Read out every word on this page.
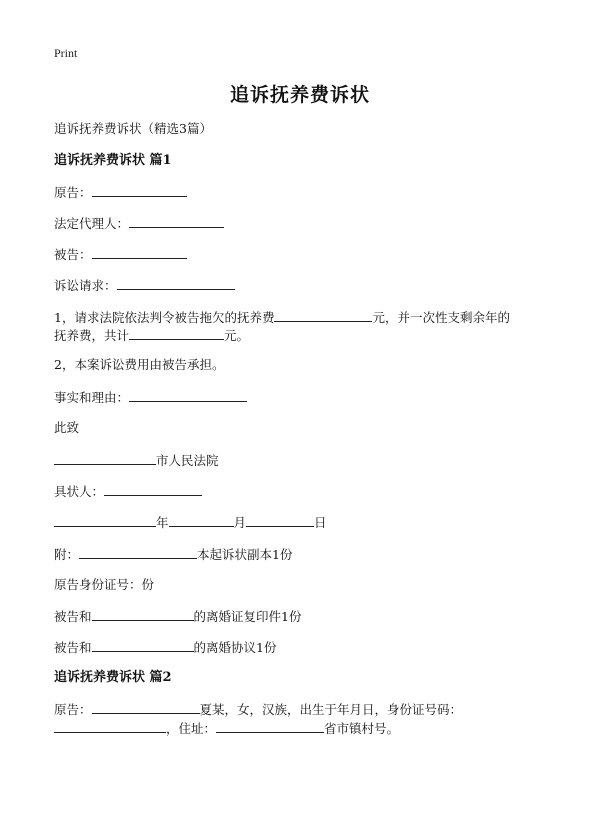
Print
追诉抚养费诉状
追诉抚养费诉状（精选3篇）
追诉抚养费诉状 篇1
原告：
法定代理人：
被告：
诉讼请求：
1，请求法院依法判令被告拖欠的抚养费	元，并一次性支剩余年的
抚养费，共计	元。
2，本案诉讼费用由被告承担。
事实和理由：
此致
市人民法院
具状人：
年	月	日
附：	本起诉状副本1份
原告身份证号：份
被告和	的离婚证复印件1份
被告和	的离婚协议1份
追诉抚养费诉状 篇2
原告：	夏某，女，汉族，出生于年月日，身份证号码：
，住址：	省市镇村号。
